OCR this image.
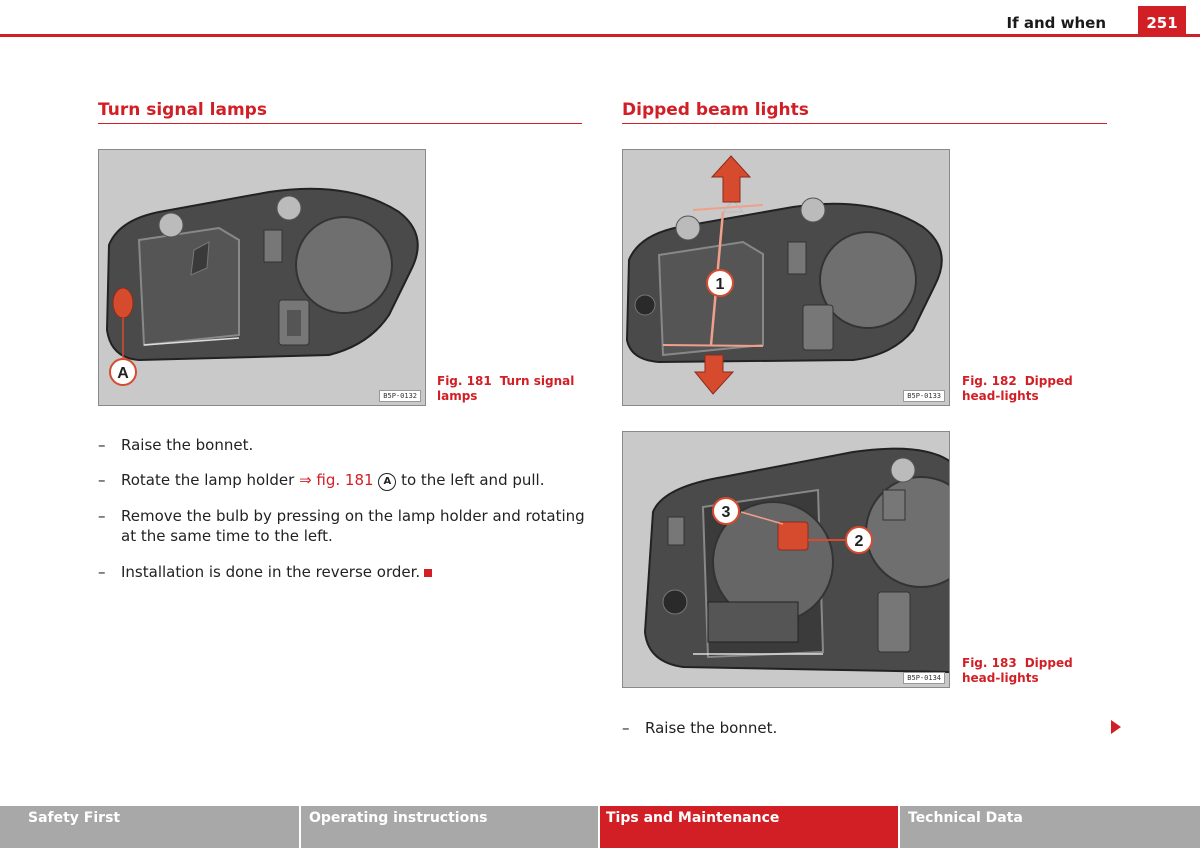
If and when	251
Turn signal lamps
A
B5P-0132
Fig. 181 Turn signal lamps
– Raise the bonnet.
– Rotate the lamp holder ⇒ fig. 181 A to the left and pull.
– Remove the bulb by pressing on the lamp holder and rotating at the same time to the left.
– Installation is done in the reverse order.
Dipped beam lights
1
B5P-0133
Fig. 182 Dipped head-lights
3
2
B5P-0134
Fig. 183 Dipped head-lights
– Raise the bonnet.
Safety First	Operating instructions	Tips and Maintenance	Technical Data
